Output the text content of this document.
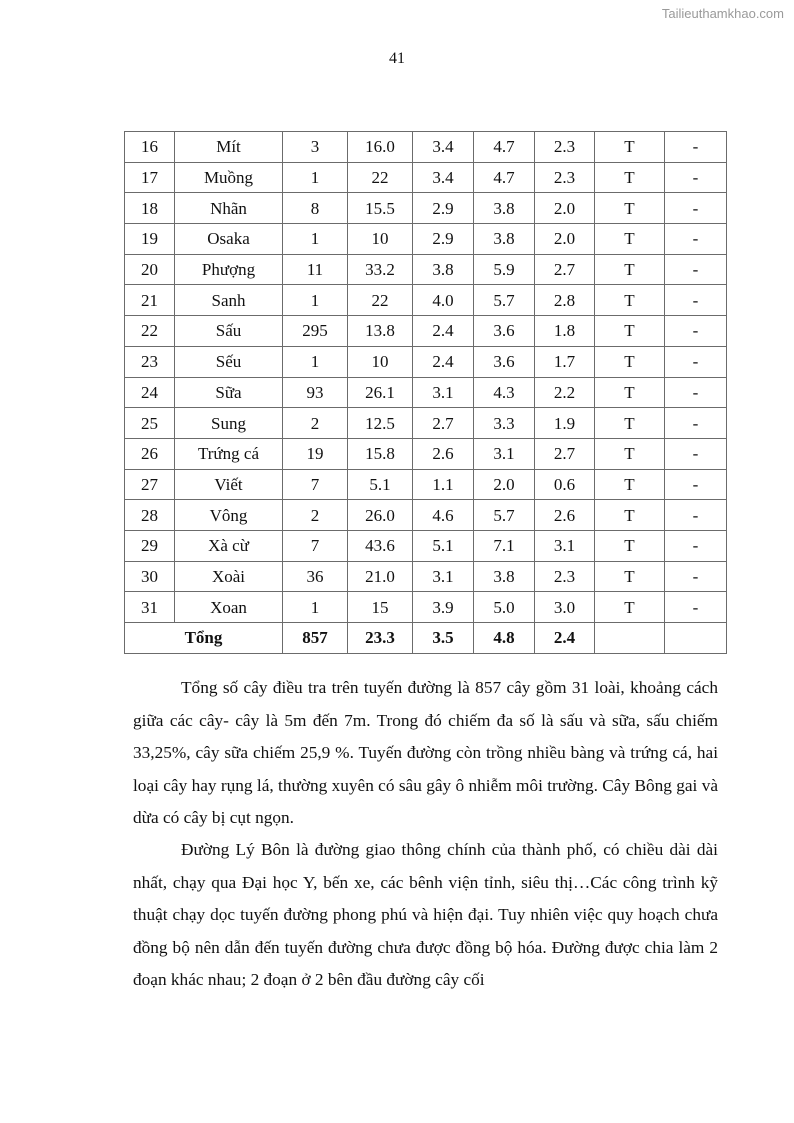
Tailieuthamkhao.com
41
16	Mít	3	16.0	3.4	4.7	2.3	T	-
17	Muồng	1	22	3.4	4.7	2.3	T	-
18	Nhãn	8	15.5	2.9	3.8	2.0	T	-
19	Osaka	1	10	2.9	3.8	2.0	T	-
20	Phượng	11	33.2	3.8	5.9	2.7	T	-
21	Sanh	1	22	4.0	5.7	2.8	T	-
22	Sấu	295	13.8	2.4	3.6	1.8	T	-
23	Sếu	1	10	2.4	3.6	1.7	T	-
24	Sữa	93	26.1	3.1	4.3	2.2	T	-
25	Sung	2	12.5	2.7	3.3	1.9	T	-
26	Trứng cá	19	15.8	2.6	3.1	2.7	T	-
27	Viết	7	5.1	1.1	2.0	0.6	T	-
28	Vông	2	26.0	4.6	5.7	2.6	T	-
29	Xà cừ	7	43.6	5.1	7.1	3.1	T	-
30	Xoài	36	21.0	3.1	3.8	2.3	T	-
31	Xoan	1	15	3.9	5.0	3.0	T	-
Tổng		857	23.3	3.5	4.8	2.4		

Tổng số cây điều tra trên tuyến đường là 857 cây gồm 31 loài, khoảng cách giữa các cây- cây là 5m đến 7m. Trong đó chiếm đa số là sấu và sữa, sấu chiếm 33,25%, cây sữa chiếm 25,9 %. Tuyến đường còn trồng nhiều bàng và trứng cá, hai loại cây hay rụng lá, thường xuyên có sâu gây ô nhiễm môi trường. Cây Bông gai và dừa có cây bị cụt ngọn.

Đường Lý Bôn là đường giao thông chính của thành phố, có chiều dài dài nhất, chạy qua Đại học Y, bến xe, các bênh viện tỉnh, siêu thị…Các công trình kỹ thuật chạy dọc tuyến đường phong phú và hiện đại. Tuy nhiên việc quy hoạch chưa đồng bộ nên dẫn đến tuyến đường chưa được đồng bộ hóa. Đường được chia làm 2 đoạn khác nhau; 2 đoạn ở 2 bên đầu đường cây cối
